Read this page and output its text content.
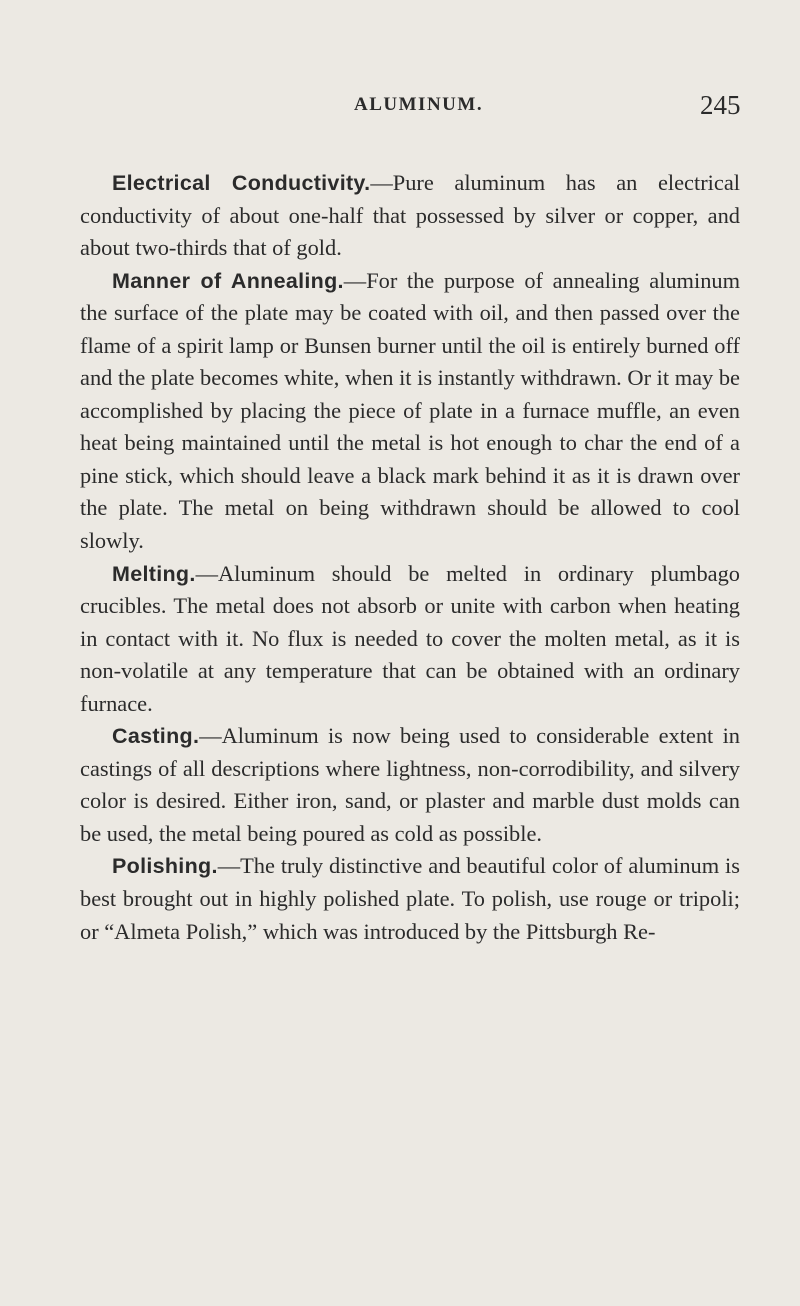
ALUMINUM.	245

Electrical Conductivity.—Pure aluminum has an electrical conductivity of about one-half that possessed by silver or copper, and about two-thirds that of gold.

Manner of Annealing.—For the purpose of annealing aluminum the surface of the plate may be coated with oil, and then passed over the flame of a spirit lamp or Bunsen burner until the oil is entirely burned off and the plate becomes white, when it is instantly withdrawn. Or it may be accomplished by placing the piece of plate in a furnace muffle, an even heat being maintained until the metal is hot enough to char the end of a pine stick, which should leave a black mark behind it as it is drawn over the plate. The metal on being withdrawn should be allowed to cool slowly.

Melting.—Aluminum should be melted in ordinary plumbago crucibles. The metal does not absorb or unite with carbon when heating in contact with it. No flux is needed to cover the molten metal, as it is non-volatile at any temperature that can be obtained with an ordinary furnace.

Casting.—Aluminum is now being used to considerable extent in castings of all descriptions where lightness, non-corrodibility, and silvery color is desired. Either iron, sand, or plaster and marble dust molds can be used, the metal being poured as cold as possible.

Polishing.—The truly distinctive and beautiful color of aluminum is best brought out in highly polished plate. To polish, use rouge or tripoli; or “Almeta Polish,” which was introduced by the Pittsburgh Re-
